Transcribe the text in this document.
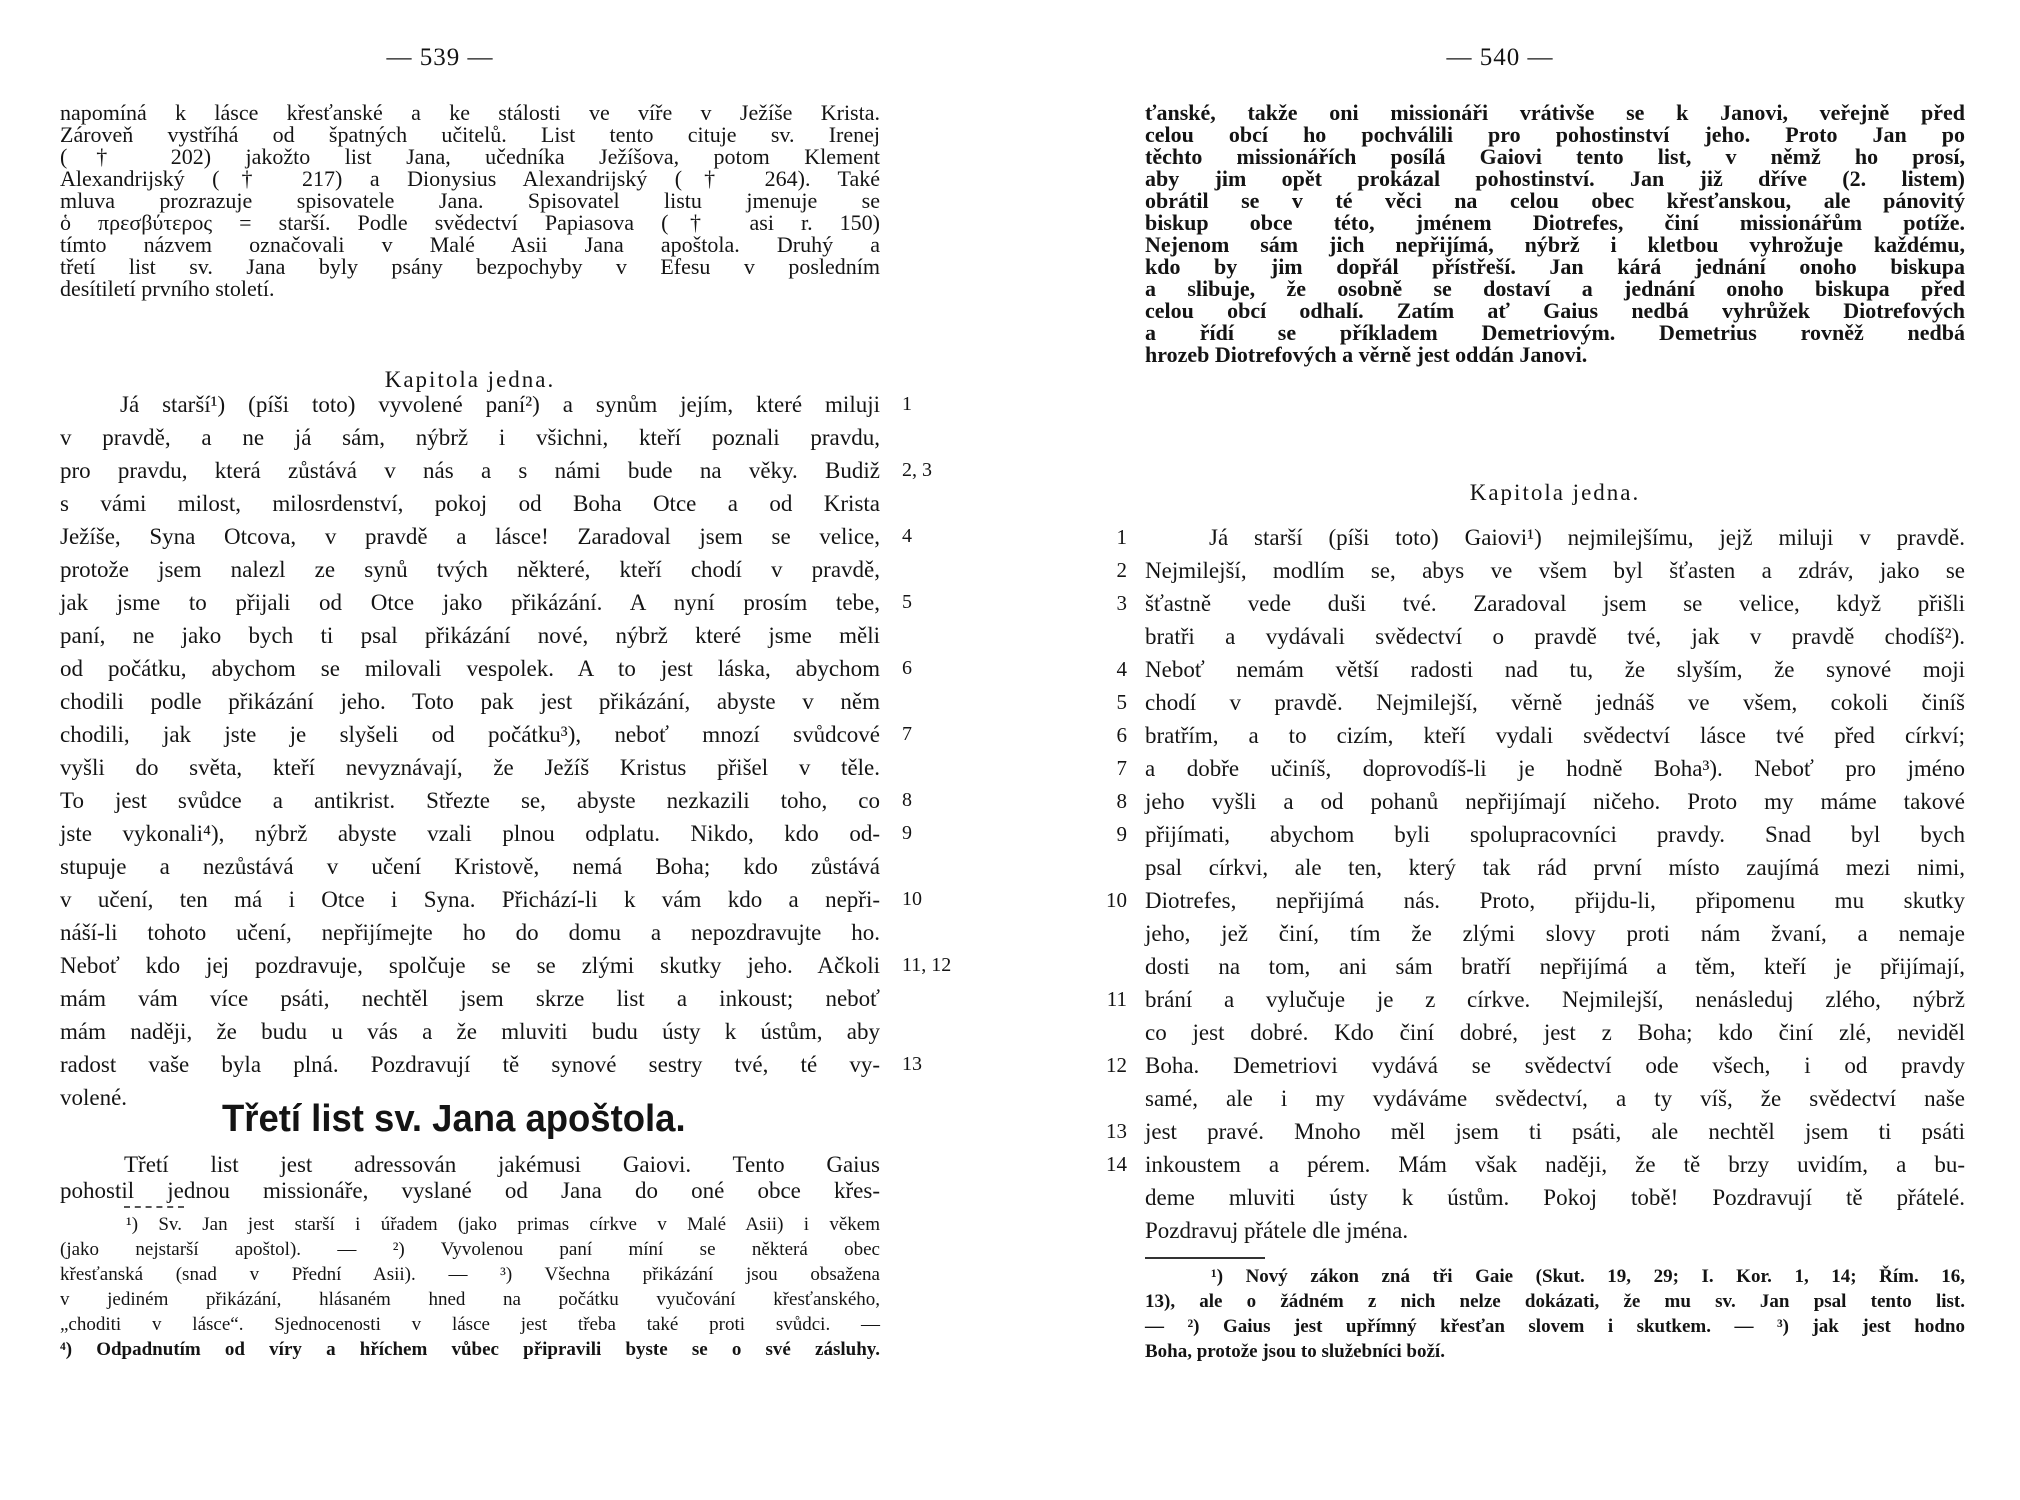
— 539 —
napomíná k lásce křesťanské a ke stálosti ve víře v Ježíše Krista.
Zároveň vystříhá od špatných učitelů. List tento cituje sv. Irenej
(† 202) jakožto list Jana, učedníka Ježíšova, potom Klement
Alexandrijský († 217) a Dionysius Alexandrijský († 264). Také
mluva prozrazuje spisovatele Jana. Spisovatel listu jmenuje se
ὁ πρεσβύτερος = starší. Podle svědectví Papiasova († asi r. 150)
tímto názvem označovali v Malé Asii Jana apoštola. Druhý a
třetí list sv. Jana byly psány bezpochyby v Efesu v posledním
desítiletí prvního století.
Kapitola jedna.
Já starší¹) (píši toto) vyvolené paní²) a synům jejím, které miluji 1
v pravdě, a ne já sám, nýbrž i všichni, kteří poznali pravdu,
pro pravdu, která zůstává v nás a s námi bude na věky. Budiž 2, 3
s vámi milost, milosrdenství, pokoj od Boha Otce a od Krista
Ježíše, Syna Otcova, v pravdě a lásce! Zaradoval jsem se velice, 4
protože jsem nalezl ze synů tvých některé, kteří chodí v pravdě,
jak jsme to přijali od Otce jako přikázání. A nyní prosím tebe, 5
paní, ne jako bych ti psal přikázání nové, nýbrž které jsme měli
od počátku, abychom se milovali vespolek. A to jest láska, abychom 6
chodili podle přikázání jeho. Toto pak jest přikázání, abyste v něm
chodili, jak jste je slyšeli od počátku³), neboť mnozí svůdcové 7
vyšli do světa, kteří nevyznávají, že Ježíš Kristus přišel v těle.
To jest svůdce a antikrist. Střezte se, abyste nezkazili toho, co 8
jste vykonali⁴), nýbrž abyste vzali plnou odplatu. Nikdo, kdo od- 9
stupuje a nezůstává v učení Kristově, nemá Boha; kdo zůstává
v učení, ten má i Otce i Syna. Přichází-li k vám kdo a nepři- 10
náší-li tohoto učení, nepřijímejte ho do domu a nepozdravujte ho.
Neboť kdo jej pozdravuje, spolčuje se se zlými skutky jeho. Ačkoli 11, 12
mám vám více psáti, nechtěl jsem skrze list a inkoust; neboť
mám naději, že budu u vás a že mluviti budu ústy k ústům, aby
radost vaše byla plná. Pozdravují tě synové sestry tvé, té vy- 13
volené.
Třetí list sv. Jana apoštola.
Třetí list jest adressován jakémusi Gaiovi. Tento Gaius
pohostil jednou missionáře, vyslané od Jana do oné obce křes-
¹) Sv. Jan jest starší i úřadem (jako primas církve v Malé Asii) i věkem
(jako nejstarší apoštol). — ²) Vyvolenou paní míní se některá obec
křesťanská (snad v Přední Asii). — ³) Všechna přikázání jsou obsažena
v jediném přikázání, hlásaném hned na počátku vyučování křesťanského,
„choditi v lásce“. Sjednocenosti v lásce jest třeba také proti svůdci. —
⁴) Odpadnutím od víry a hříchem vůbec připravili byste se o své zásluhy.
— 540 —
ťanské, takže oni missionáři vrátivše se k Janovi, veřejně před
celou obcí ho pochválili pro pohostinství jeho. Proto Jan po
těchto missionářích posílá Gaiovi tento list, v němž ho prosí,
aby jim opět prokázal pohostinství. Jan již dříve (2. listem)
obrátil se v té věci na celou obec křesťanskou, ale pánovitý
biskup obce této, jménem Diotrefes, činí missionářům potíže.
Nejenom sám jich nepřijímá, nýbrž i kletbou vyhrožuje každému,
kdo by jim dopřál přístřeší. Jan kárá jednání onoho biskupa
a slibuje, že osobně se dostaví a jednání onoho biskupa před
celou obcí odhalí. Zatím ať Gaius nedbá vyhrůžek Diotrefových
a řídí se příkladem Demetriovým. Demetrius rovněž nedbá
hrozeb Diotrefových a věrně jest oddán Janovi.
Kapitola jedna.
1	Já starší (píši toto) Gaiovi¹) nejmilejšímu, jejž miluji v pravdě.
2 Nejmilejší, modlím se, abys ve všem byl šťasten a zdráv, jako se
3 šťastně vede duši tvé. Zaradoval jsem se velice, když přišli
bratři a vydávali svědectví o pravdě tvé, jak v pravdě chodíš²).
4 Neboť nemám větší radosti nad tu, že slyším, že synové moji
5 chodí v pravdě. Nejmilejší, věrně jednáš ve všem, cokoli činíš
6 bratřím, a to cizím, kteří vydali svědectví lásce tvé před církví;
7 a dobře učiníš, doprovodíš-li je hodně Boha³). Neboť pro jméno
8 jeho vyšli a od pohanů nepřijímají ničeho. Proto my máme takové
9 přijímati, abychom byli spolupracovníci pravdy. Snad byl bych
psal církvi, ale ten, který tak rád první místo zaujímá mezi nimi,
10 Diotrefes, nepřijímá nás. Proto, přijdu-li, připomenu mu skutky
jeho, jež činí, tím že zlými slovy proti nám žvaní, a nemaje
dosti na tom, ani sám bratří nepřijímá a těm, kteří je přijímají,
11 brání a vylučuje je z církve. Nejmilejší, nenásleduj zlého, nýbrž
co jest dobré. Kdo činí dobré, jest z Boha; kdo činí zlé, neviděl
12 Boha. Demetriovi vydává se svědectví ode všech, i od pravdy
samé, ale i my vydáváme svědectví, a ty víš, že svědectví naše
13 jest pravé. Mnoho měl jsem ti psáti, ale nechtěl jsem ti psáti
14 inkoustem a pérem. Mám však naději, že tě brzy uvidím, a bu-
deme mluviti ústy k ústům. Pokoj tobě! Pozdravují tě přátelé.
Pozdravuj přátele dle jména.
¹) Nový zákon zná tři Gaie (Skut. 19, 29; I. Kor. 1, 14; Řím. 16,
13), ale o žádném z nich nelze dokázati, že mu sv. Jan psal tento list.
— ²) Gaius jest upřímný křesťan slovem i skutkem. — ³) jak jest hodno
Boha, protože jsou to služebníci boží.
